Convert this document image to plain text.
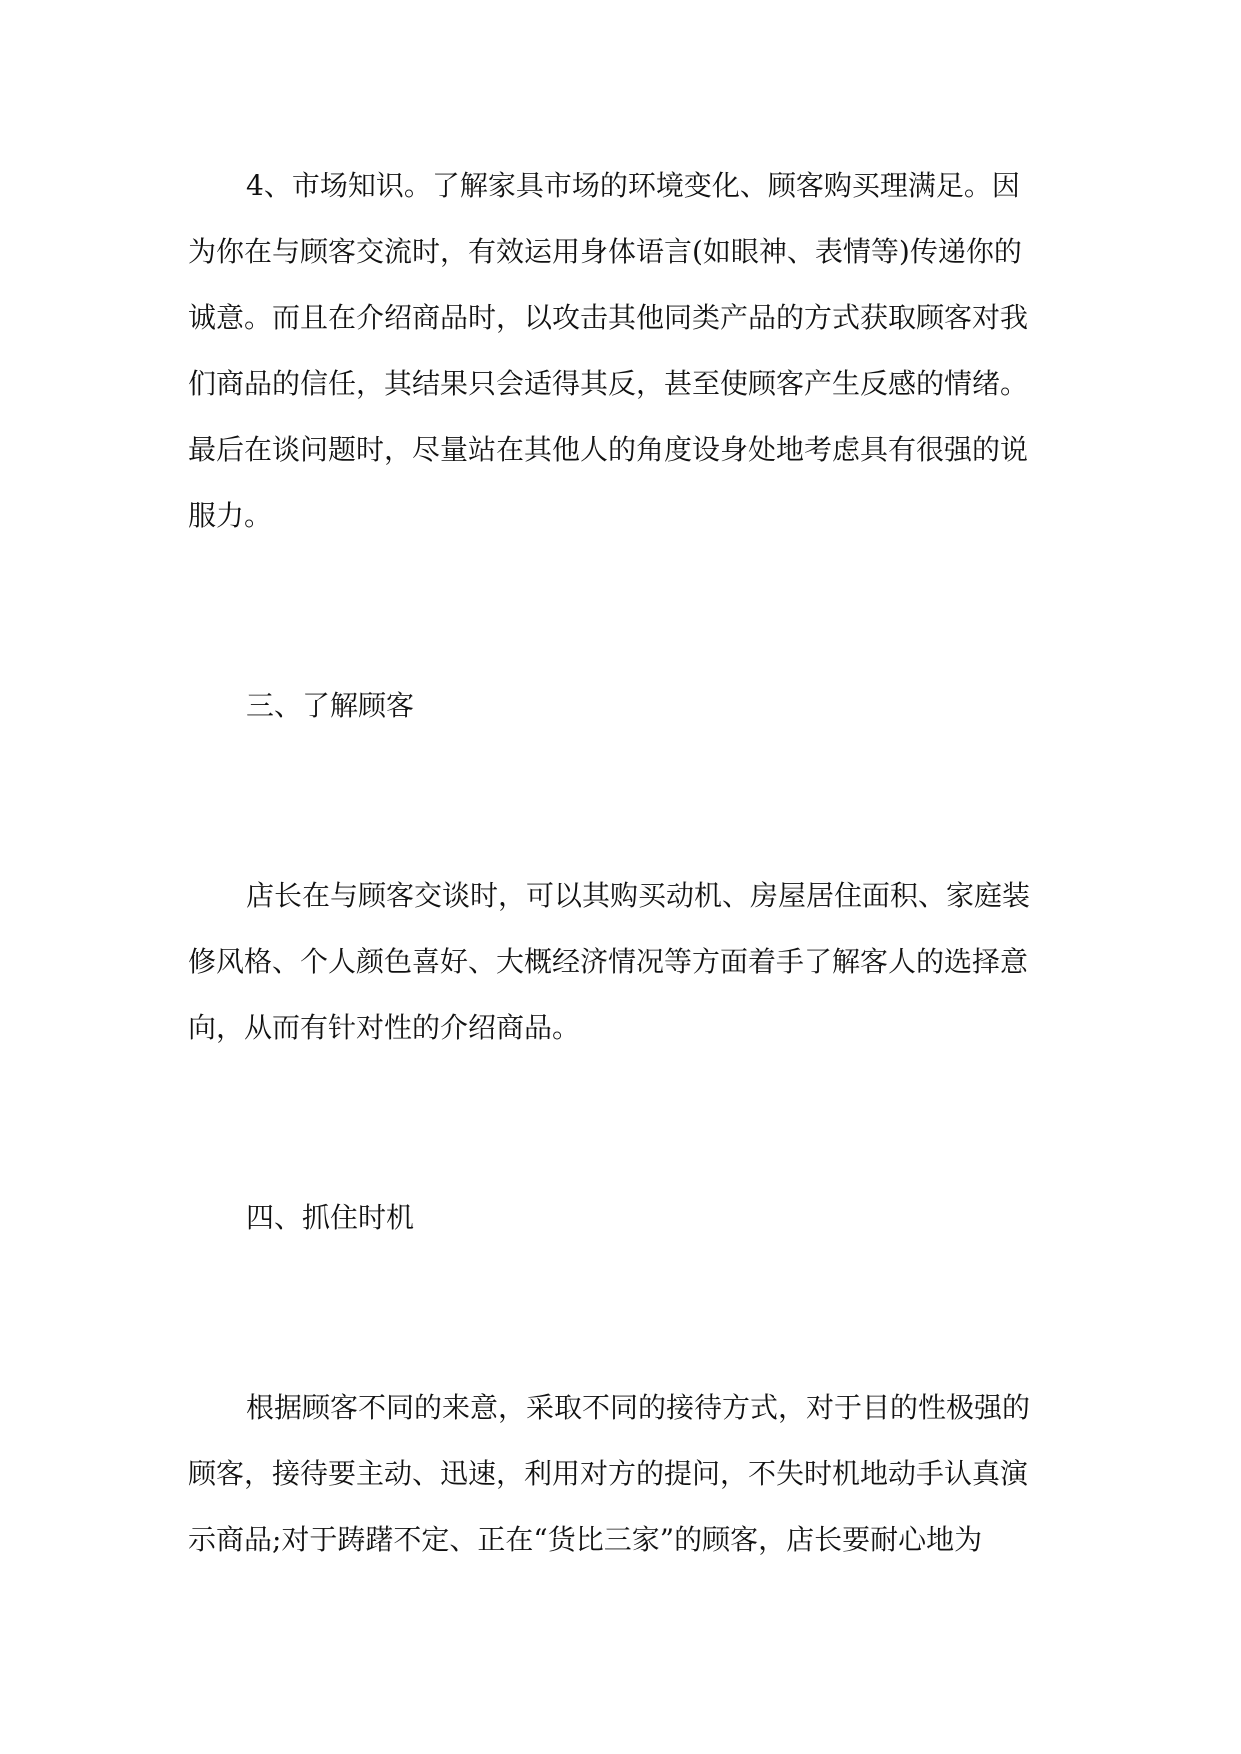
4、市场知识。了解家具市场的环境变化、顾客购买理满足。因
为你在与顾客交流时，有效运用身体语言(如眼神、表情等)传递你的
诚意。而且在介绍商品时，以攻击其他同类产品的方式获取顾客对我
们商品的信任，其结果只会适得其反，甚至使顾客产生反感的情绪。
最后在谈问题时，尽量站在其他人的角度设身处地考虑具有很强的说
服力。
三、了解顾客
店长在与顾客交谈时，可以其购买动机、房屋居住面积、家庭装
修风格、个人颜色喜好、大概经济情况等方面着手了解客人的选择意
向，从而有针对性的介绍商品。
四、抓住时机
根据顾客不同的来意，采取不同的接待方式，对于目的性极强的
顾客，接待要主动、迅速，利用对方的提问，不失时机地动手认真演
示商品;对于踌躇不定、正在“货比三家”的顾客，店长要耐心地为
